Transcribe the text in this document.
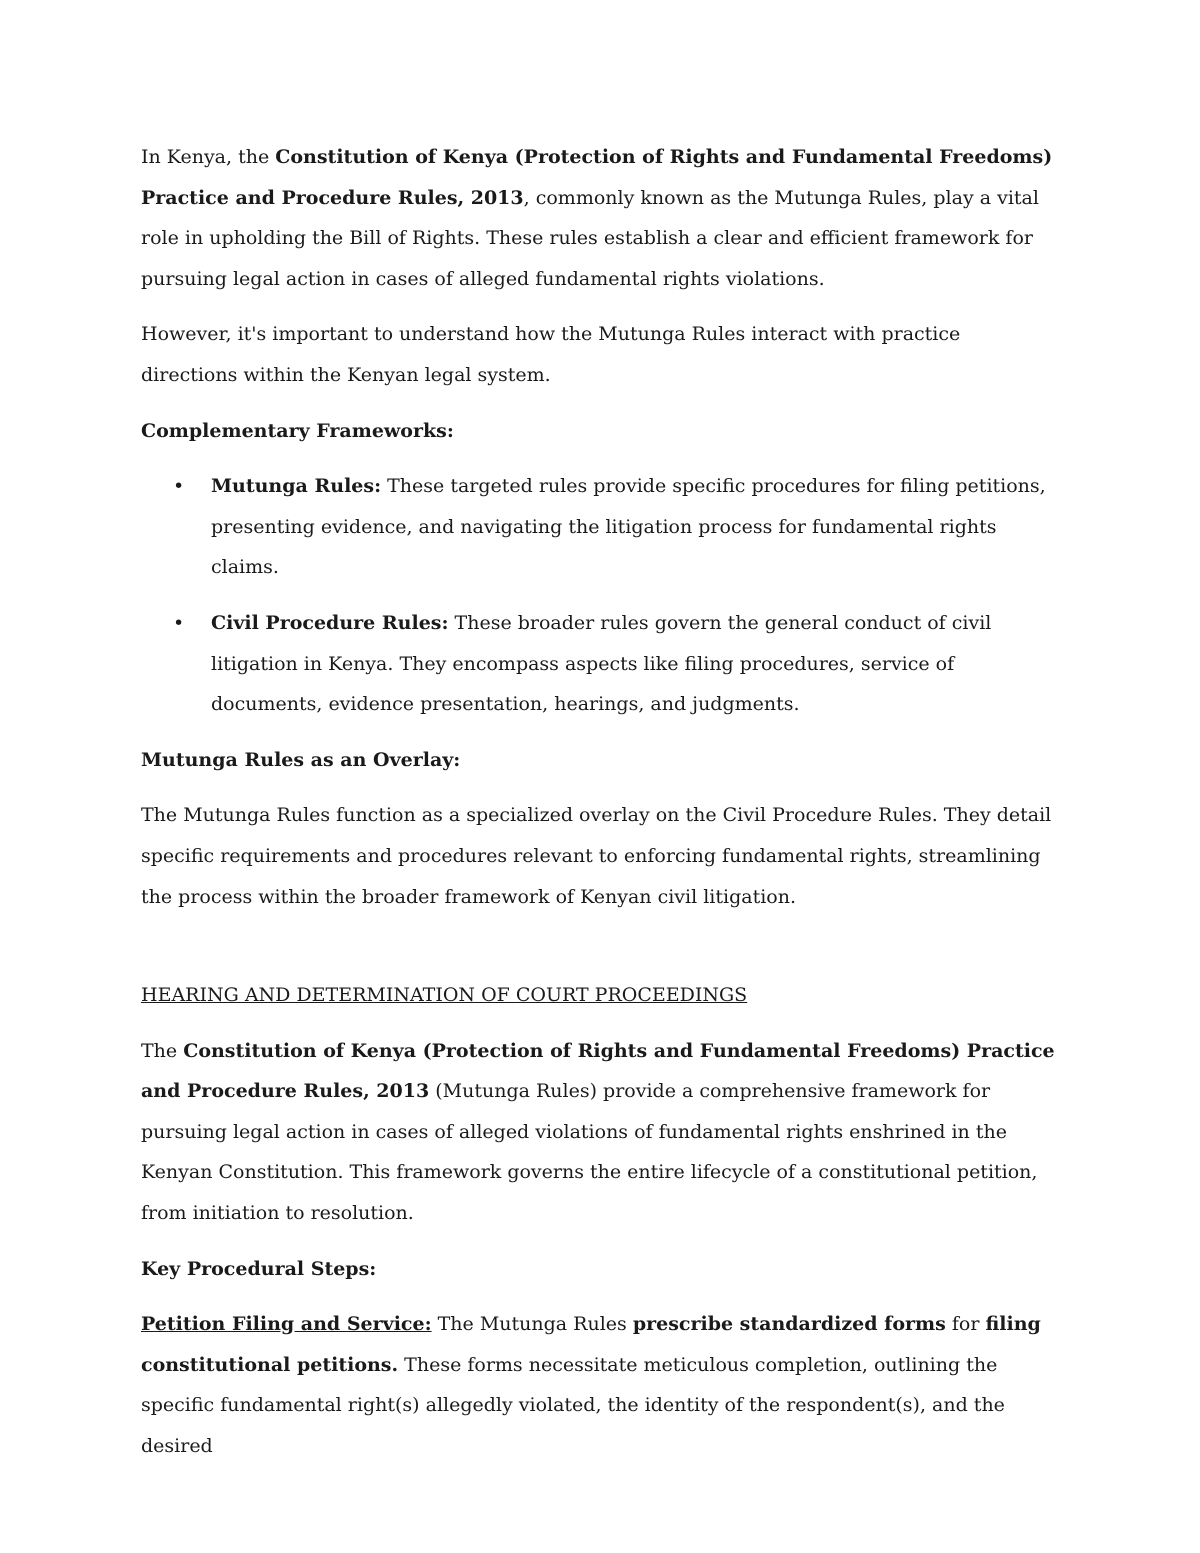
In Kenya, the Constitution of Kenya (Protection of Rights and Fundamental Freedoms) Practice and Procedure Rules, 2013, commonly known as the Mutunga Rules, play a vital role in upholding the Bill of Rights. These rules establish a clear and efficient framework for pursuing legal action in cases of alleged fundamental rights violations.

However, it's important to understand how the Mutunga Rules interact with practice directions within the Kenyan legal system.

Complementary Frameworks:

• Mutunga Rules: These targeted rules provide specific procedures for filing petitions, presenting evidence, and navigating the litigation process for fundamental rights claims.
• Civil Procedure Rules: These broader rules govern the general conduct of civil litigation in Kenya. They encompass aspects like filing procedures, service of documents, evidence presentation, hearings, and judgments.

Mutunga Rules as an Overlay:

The Mutunga Rules function as a specialized overlay on the Civil Procedure Rules. They detail specific requirements and procedures relevant to enforcing fundamental rights, streamlining the process within the broader framework of Kenyan civil litigation.

HEARING AND DETERMINATION OF COURT PROCEEDINGS

The Constitution of Kenya (Protection of Rights and Fundamental Freedoms) Practice and Procedure Rules, 2013 (Mutunga Rules) provide a comprehensive framework for pursuing legal action in cases of alleged violations of fundamental rights enshrined in the Kenyan Constitution. This framework governs the entire lifecycle of a constitutional petition, from initiation to resolution.

Key Procedural Steps:

Petition Filing and Service: The Mutunga Rules prescribe standardized forms for filing constitutional petitions. These forms necessitate meticulous completion, outlining the specific fundamental right(s) allegedly violated, the identity of the respondent(s), and the desired
